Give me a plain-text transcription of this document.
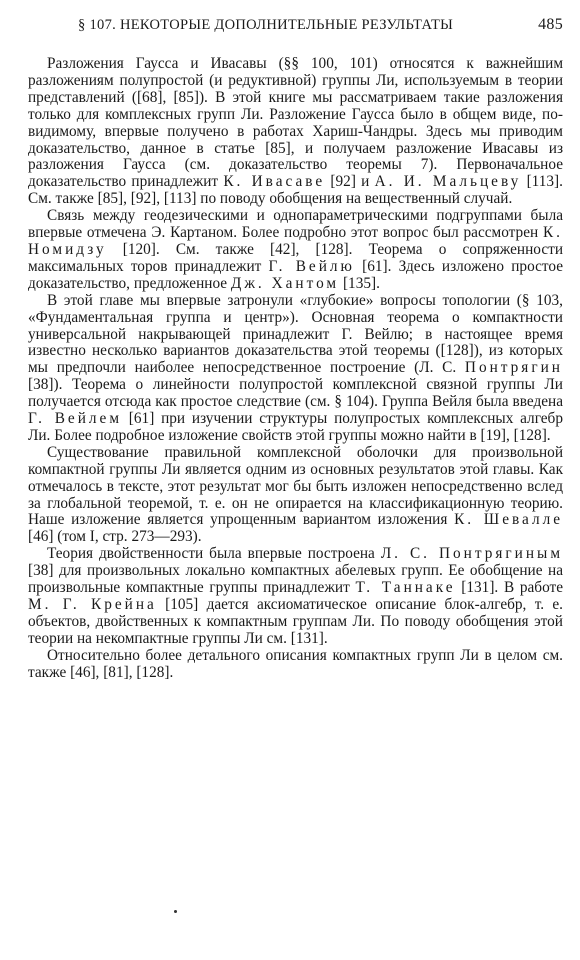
§ 107. НЕКОТОРЫЕ ДОПОЛНИТЕЛЬНЫЕ РЕЗУЛЬТАТЫ	485

Разложения Гаусса и Ивасавы (§§ 100, 101) относятся к важнейшим разложениям полупростой (и редуктивной) группы Ли, используемым в теории представлений ([68], [85]). В этой книге мы рассматриваем такие разложения только для комплексных групп Ли. Разложение Гаусса было в общем виде, по-видимому, впервые получено в работах Хариш-Чандры. Здесь мы приводим доказательство, данное в статье [85], и получаем разложение Ивасавы из разложения Гаусса (см. доказательство теоремы 7). Первоначальное доказательство принадлежит К. Ивасаве [92] и А. И. Мальцеву [113]. См. также [85], [92], [113] по поводу обобщения на вещественный случай.

Связь между геодезическими и однопараметрическими подгруппами была впервые отмечена Э. Картаном. Более подробно этот вопрос был рассмотрен К. Номидзу [120]. См. также [42], [128]. Теорема о сопряженности максимальных торов принадлежит Г. Вейлю [61]. Здесь изложено простое доказательство, предложенное Дж. Хантом [135].

В этой главе мы впервые затронули «глубокие» вопросы топологии (§ 103, «Фундаментальная группа и центр»). Основная теорема о компактности универсальной накрывающей принадлежит Г. Вейлю; в настоящее время известно несколько вариантов доказательства этой теоремы ([128]), из которых мы предпочли наиболее непосредственное построение (Л. С. Понтрягин [38]). Теорема о линейности полупростой комплексной связной группы Ли получается отсюда как простое следствие (см. § 104). Группа Вейля была введена Г. Вейлем [61] при изучении структуры полупростых комплексных алгебр Ли. Более подробное изложение свойств этой группы можно найти в [19], [128].

Существование правильной комплексной оболочки для произвольной компактной группы Ли является одним из основных результатов этой главы. Как отмечалось в тексте, этот результат мог бы быть изложен непосредственно вслед за глобальной теоремой, т. е. он не опирается на классификационную теорию. Наше изложение является упрощенным вариантом изложения К. Шевалле [46] (том I, стр. 273—293).

Теория двойственности была впервые построена Л. С. Понтрягиным [38] для произвольных локально компактных абелевых групп. Ее обобщение на произвольные компактные группы принадлежит Т. Таннаке [131]. В работе М. Г. Крейна [105] дается аксиоматическое описание блок-алгебр, т. е. объектов, двойственных к компактным группам Ли. По поводу обобщения этой теории на некомпактные группы Ли см. [131].

Относительно более детального описания компактных групп Ли в целом см. также [46], [81], [128].
